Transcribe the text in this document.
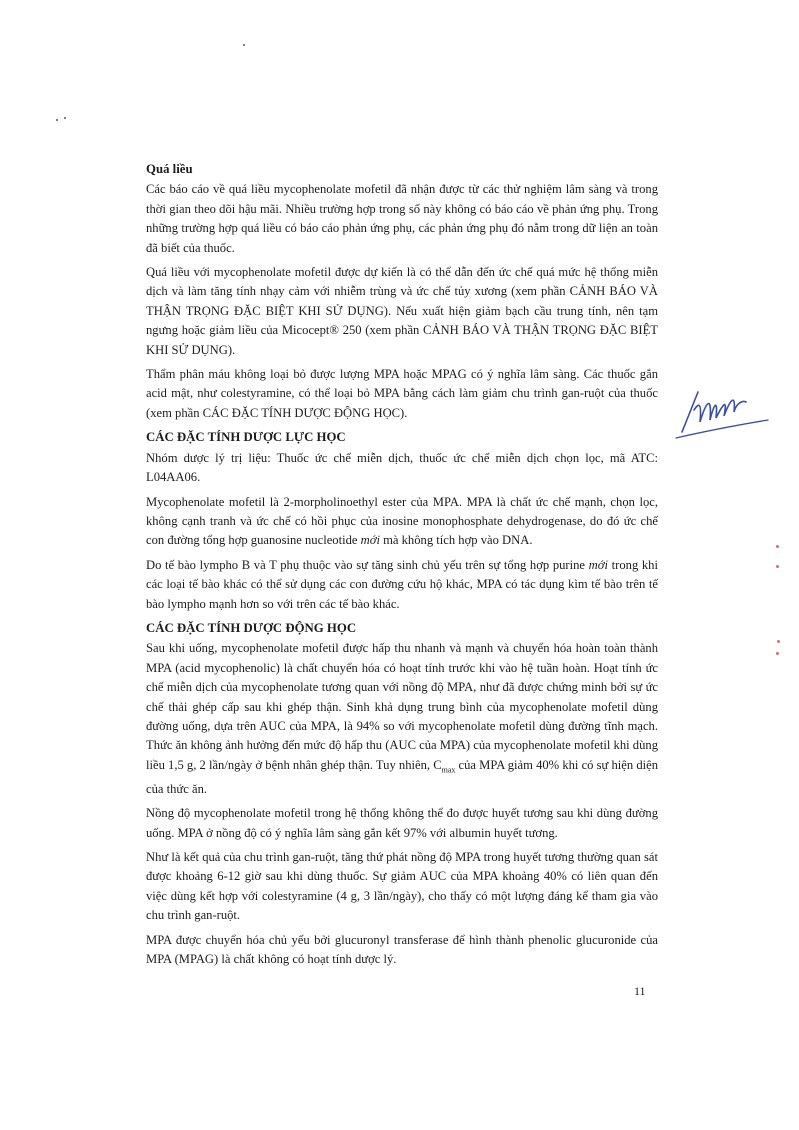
Quá liều

Các báo cáo về quá liều mycophenolate mofetil đã nhận được từ các thử nghiệm lâm sàng và trong thời gian theo dõi hậu mãi. Nhiều trường hợp trong số này không có báo cáo về phản ứng phụ. Trong những trường hợp quá liều có báo cáo phản ứng phụ, các phản ứng phụ đó nằm trong dữ liện an toàn đã biết của thuốc.

Quá liều với mycophenolate mofetil được dự kiến là có thể dẫn đến ức chế quá mức hệ thống miễn dịch và làm tăng tính nhạy cảm với nhiễm trùng và ức chế tủy xương (xem phần CẢNH BÁO VÀ THẬN TRỌNG ĐẶC BIỆT KHI SỬ DỤNG). Nếu xuất hiện giảm bạch cầu trung tính, nên tạm ngưng hoặc giảm liều của Micocept® 250 (xem phần CẢNH BÁO VÀ THẬN TRỌNG ĐẶC BIỆT KHI SỬ DỤNG).

Thẩm phân máu không loại bỏ được lượng MPA hoặc MPAG có ý nghĩa lâm sàng. Các thuốc gắn acid mật, như colestyramine, có thể loại bỏ MPA bằng cách làm giảm chu trình gan-ruột của thuốc (xem phần CÁC ĐẶC TÍNH DƯỢC ĐỘNG HỌC).

CÁC ĐẶC TÍNH DƯỢC LỰC HỌC

Nhóm dược lý trị liệu: Thuốc ức chế miễn dịch, thuốc ức chế miễn dịch chọn lọc, mã ATC: L04AA06.

Mycophenolate mofetil là 2-morpholinoethyl ester của MPA. MPA là chất ức chế mạnh, chọn lọc, không cạnh tranh và ức chế có hồi phục của inosine monophosphate dehydrogenase, do đó ức chế con đường tổng hợp guanosine nucleotide mới mà không tích hợp vào DNA.

Do tế bào lympho B và T phụ thuộc vào sự tăng sinh chủ yếu trên sự tổng hợp purine mới trong khi các loại tế bào khác có thể sử dụng các con đường cứu hộ khác, MPA có tác dụng kìm tế bào trên tế bào lympho mạnh hơn so với trên các tế bào khác.

CÁC ĐẶC TÍNH DƯỢC ĐỘNG HỌC

Sau khi uống, mycophenolate mofetil được hấp thu nhanh và mạnh và chuyển hóa hoàn toàn thành MPA (acid mycophenolic) là chất chuyển hóa có hoạt tính trước khi vào hệ tuần hoàn. Hoạt tính ức chế miễn dịch của mycophenolate tương quan với nồng độ MPA, như đã được chứng minh bởi sự ức chế thải ghép cấp sau khi ghép thận. Sinh khả dụng trung bình của mycophenolate mofetil dùng đường uống, dựa trên AUC của MPA, là 94% so với mycophenolate mofetil dùng đường tĩnh mạch. Thức ăn không ảnh hưởng đến mức độ hấp thu (AUC của MPA) của mycophenolate mofetil khi dùng liều 1,5 g, 2 lần/ngày ở bệnh nhân ghép thận. Tuy nhiên, $C_{max}$ của MPA giảm 40% khi có sự hiện diện của thức ăn.

Nồng độ mycophenolate mofetil trong hệ thống không thể đo được huyết tương sau khi dùng đường uống. MPA ở nồng độ có ý nghĩa lâm sàng gắn kết 97% với albumin huyết tương.

Như là kết quả của chu trình gan-ruột, tăng thứ phát nồng độ MPA trong huyết tương thường quan sát được khoảng 6-12 giờ sau khi dùng thuốc. Sự giảm AUC của MPA khoảng 40% có liên quan đến việc dùng kết hợp với colestyramine (4 g, 3 lần/ngày), cho thấy có một lượng đáng kể tham gia vào chu trình gan-ruột.

MPA được chuyển hóa chủ yếu bởi glucuronyl transferase để hình thành phenolic glucuronide của MPA (MPAG) là chất không có hoạt tính dược lý.

11
